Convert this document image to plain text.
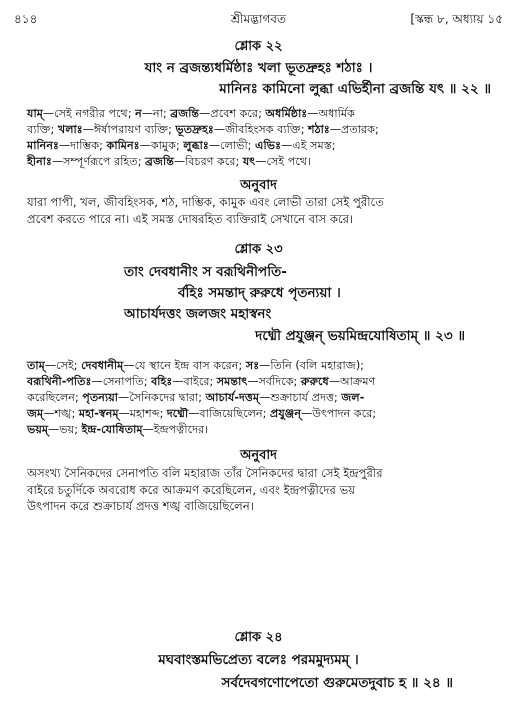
৪১৪	শ্রীমদ্ভাগবত	[স্কন্ধ ৮, অধ্যায় ১৫
শ্লোক ২২
যাং ন ব্রজন্ত্যধর্মিষ্ঠাঃ খলা ভূতদ্রুহঃ শঠাঃ ।
মানিনঃ কামিনো লুব্ধা এভির্হীনা ব্রজন্তি যৎ ॥ ২২ ॥
যাম্—সেই নগরীর পথে; ন—না; ব্রজন্তি—প্রবেশ করে; অধর্মিষ্ঠাঃ—অধার্মিক
ব্যক্তি; খলাঃ—ঈর্ষাপরায়ণ ব্যক্তি; ভূতদ্রুহঃ—জীবহিংসক ব্যক্তি; শঠাঃ—প্রতারক;
মানিনঃ—দাম্ভিক; কামিনঃ—কামুক; লুব্ধাঃ—লোভী; এভিঃ—এই সমস্ত;
হীনাঃ—সম্পূর্ণরূপে রহিত; ব্রজন্তি—বিচরণ করে; যৎ—সেই পথে।
অনুবাদ
যারা পাপী, খল, জীবহিংসক, শঠ, দাম্ভিক, কামুক এবং লোভী তারা সেই পুরীতে
প্রবেশ করতে পারে না। এই সমস্ত দোষরহিত ব্যক্তিরাই সেখানে বাস করে।
শ্লোক ২৩
তাং দেবধানীং স বরূথিনীপতি-
র্বহিঃ সমন্তাদ্ রুরুধে পৃতন্যয়া ।
আচার্যদত্তং জলজং মহাস্বনং
দধ্মৌ প্রযুঞ্জন্ ভয়মিন্দ্রযোষিতাম্ ॥ ২৩ ॥
তাম্—সেই; দেবধানীম্—যে স্থানে ইন্দ্র বাস করেন; সঃ—তিনি (বলি মহারাজ);
বরূথিনী-পতিঃ—সেনাপতি; বহিঃ—বাইরে; সমন্তাৎ—সর্বদিকে; রুরুধে—আক্রমণ
করেছিলেন; পৃতন্যয়া—সৈনিকদের দ্বারা; আচার্য-দত্তম্—শুক্রাচার্য প্রদত্ত; জল-
জম্—শঙ্খ; মহা-স্বনম্—মহাশব্দ; দধ্মৌ—বাজিয়েছিলেন; প্রযুঞ্জন্—উৎপাদন করে;
ভয়ম্—ভয়; ইন্দ্র-যোষিতাম্—ইন্দ্রপত্নীদের।
অনুবাদ
অসংখ্য সৈনিকদের সেনাপতি বলি মহারাজ তাঁর সৈনিকদের দ্বারা সেই ইন্দ্রপুরীর
বাইরে চতুর্দিকে অবরোধ করে আক্রমণ করেছিলেন, এবং ইন্দ্রপত্নীদের ভয়
উৎপাদন করে শুক্রাচার্য প্রদত্ত শঙ্খ বাজিয়েছিলেন।
শ্লোক ২৪
মঘবাংস্তমভিপ্রেত্য বলেঃ পরমমুদ্যমম্ ।
সর্বদেবগণোপেতো গুরুমেতদুবাচ হ ॥ ২৪ ॥
